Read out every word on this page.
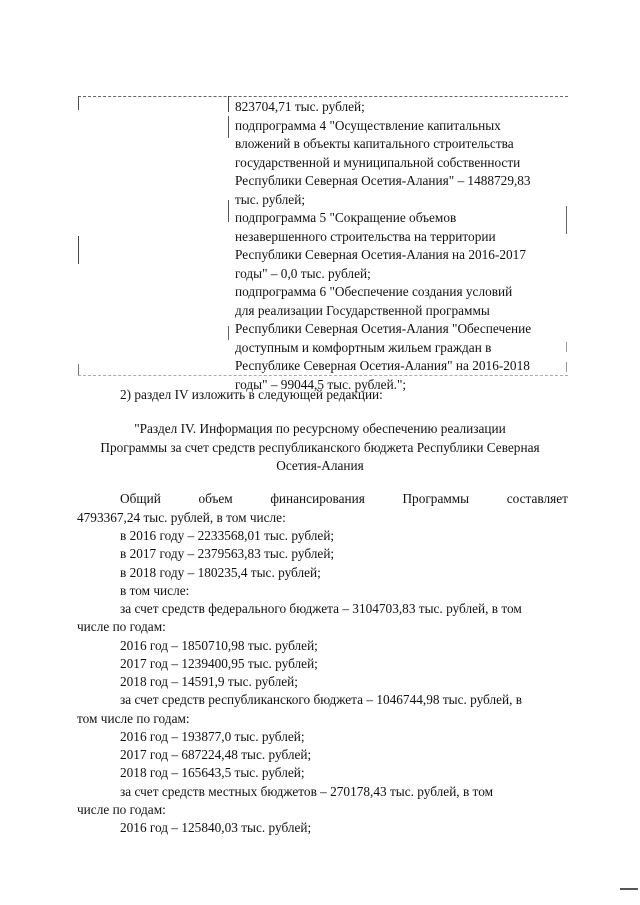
823704,71 тыс. рублей;
подпрограмма 4 "Осуществление капитальных
вложений в объекты капитального строительства
государственной и муниципальной собственности
Республики Северная Осетия-Алания" – 1488729,83
тыс. рублей;
подпрограмма 5 "Сокращение объемов
незавершенного строительства на территории
Республики Северная Осетия-Алания на 2016-2017
годы" – 0,0 тыс. рублей;
подпрограмма 6 "Обеспечение создания условий
для реализации Государственной программы
Республики Северная Осетия-Алания "Обеспечение
доступным и комфортным жильем граждан в
Республике Северная Осетия-Алания" на 2016-2018
годы" – 99044,5 тыс. рублей.";
2) раздел IV изложить в следующей редакции:
"Раздел IV. Информация по ресурсному обеспечению реализации
Программы за счет средств республиканского бюджета Республики Северная
Осетия-Алания
Общий	объем	финансирования	Программы	составляет
4793367,24 тыс. рублей, в том числе:
в 2016 году – 2233568,01 тыс. рублей;
в 2017 году – 2379563,83 тыс. рублей;
в 2018 году – 180235,4 тыс. рублей;
в том числе:
за счет средств федерального бюджета – 3104703,83 тыс. рублей, в том
числе по годам:
2016 год – 1850710,98 тыс. рублей;
2017 год – 1239400,95 тыс. рублей;
2018 год – 14591,9 тыс. рублей;
за счет средств республиканского бюджета – 1046744,98 тыс. рублей, в
том числе по годам:
2016 год – 193877,0 тыс. рублей;
2017 год – 687224,48 тыс. рублей;
2018 год – 165643,5 тыс. рублей;
за счет средств местных бюджетов – 270178,43 тыс. рублей, в том
числе по годам:
2016 год – 125840,03 тыс. рублей;
